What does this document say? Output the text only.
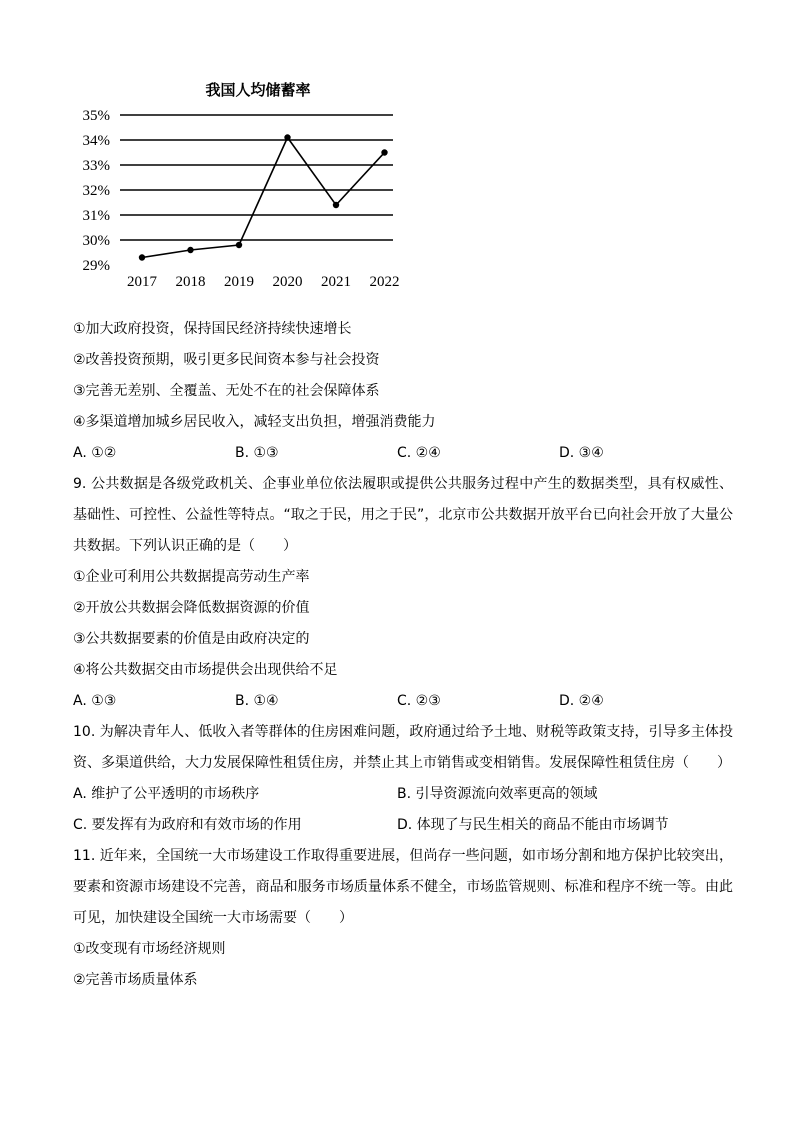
我国人均储蓄率
35%
34%
33%
32%
31%
30%
29%
2017 2018 2019 2020 2021 2022
①加大政府投资，保持国民经济持续快速增长
②改善投资预期，吸引更多民间资本参与社会投资
③完善无差别、全覆盖、无处不在的社会保障体系
④多渠道增加城乡居民收入，减轻支出负担，增强消费能力
A. ①②	B. ①③	C. ②④	D. ③④
9. 公共数据是各级党政机关、企事业单位依法履职或提供公共服务过程中产生的数据类型，具有权威性、基础性、可控性、公益性等特点。“取之于民，用之于民”，北京市公共数据开放平台已向社会开放了大量公共数据。下列认识正确的是（　　）
①企业可利用公共数据提高劳动生产率
②开放公共数据会降低数据资源的价值
③公共数据要素的价值是由政府决定的
④将公共数据交由市场提供会出现供给不足
A. ①③	B. ①④	C. ②③	D. ②④
10. 为解决青年人、低收入者等群体的住房困难问题，政府通过给予土地、财税等政策支持，引导多主体投资、多渠道供给，大力发展保障性租赁住房，并禁止其上市销售或变相销售。发展保障性租赁住房（　　）
A. 维护了公平透明的市场秩序	B. 引导资源流向效率更高的领域
C. 要发挥有为政府和有效市场的作用	D. 体现了与民生相关的商品不能由市场调节
11. 近年来，全国统一大市场建设工作取得重要进展，但尚存一些问题，如市场分割和地方保护比较突出，要素和资源市场建设不完善，商品和服务市场质量体系不健全，市场监管规则、标准和程序不统一等。由此可见，加快建设全国统一大市场需要（　　）
①改变现有市场经济规则
②完善市场质量体系
